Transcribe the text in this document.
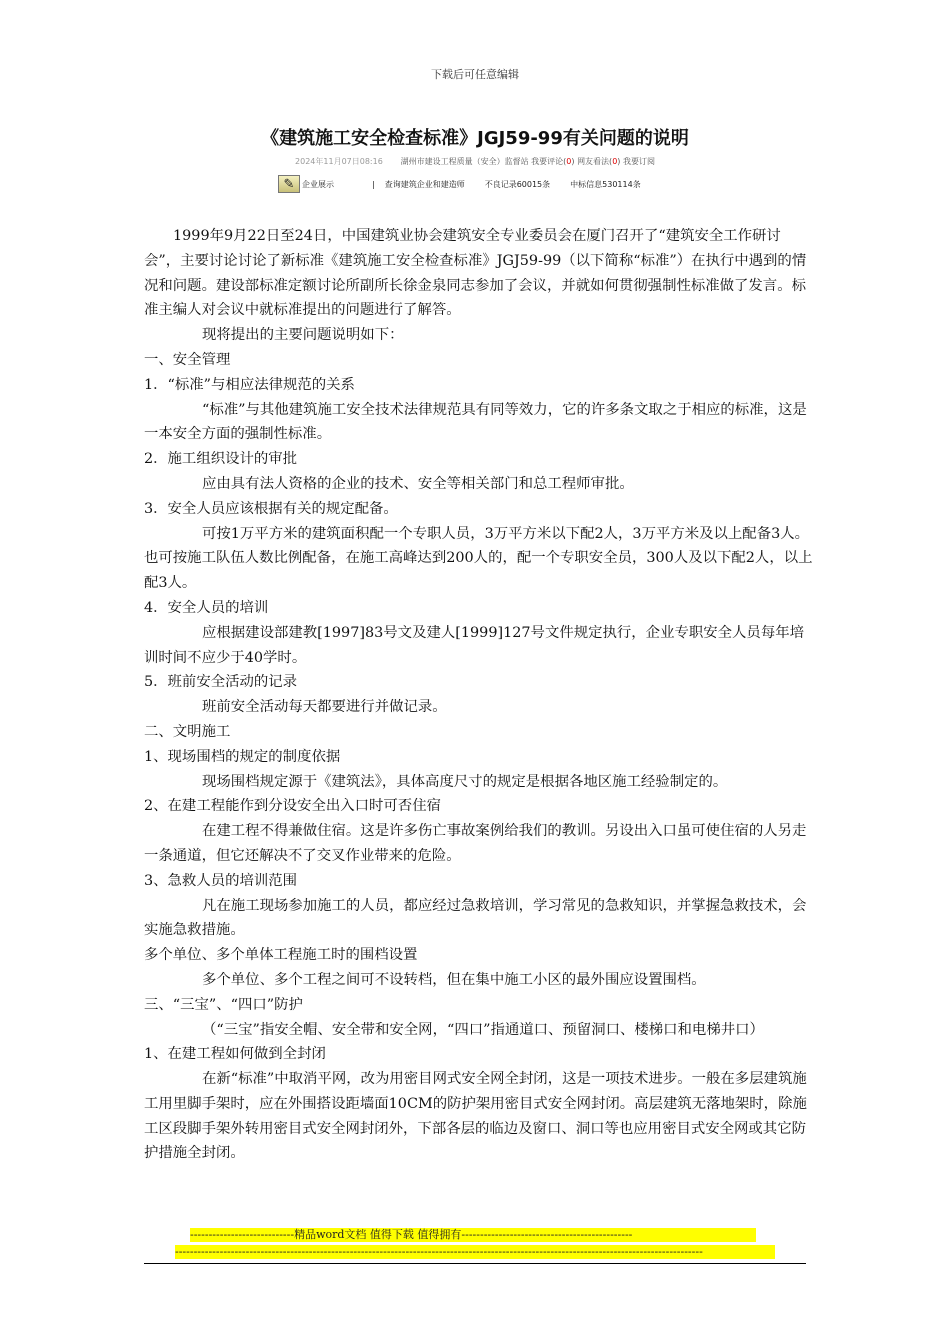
下载后可任意编辑
《建筑施工安全检查标准》JGJ59-99有关问题的说明
2024年11月07日08:16 湖州市建设工程质量（安全）监督站 我要评论(0) 网友看法(0) 我要订阅
✎ 企业展示	| 查询建筑企业和建造师	不良记录60015条	中标信息530114条

1999年9月22日至24日，中国建筑业协会建筑安全专业委员会在厦门召开了“建筑安全工作研讨会”，主要讨论讨论了新标准《建筑施工安全检查标准》JGJ59-99（以下简称“标准”）在执行中遇到的情况和问题。建设部标准定额讨论所副所长徐金泉同志参加了会议，并就如何贯彻强制性标准做了发言。标准主编人对会议中就标准提出的问题进行了解答。

现将提出的主要问题说明如下：

一、安全管理

1．“标准”与相应法律规范的关系

“标准”与其他建筑施工安全技术法律规范具有同等效力，它的许多条文取之于相应的标准，这是一本安全方面的强制性标准。

2．施工组织设计的审批

应由具有法人资格的企业的技术、安全等相关部门和总工程师审批。

3．安全人员应该根据有关的规定配备。

可按1万平方米的建筑面积配一个专职人员，3万平方米以下配2人，3万平方米及以上配备3人。也可按施工队伍人数比例配备，在施工高峰达到200人的，配一个专职安全员，300人及以下配2人，以上配3人。

4．安全人员的培训

应根据建设部建教[1997]83号文及建人[1999]127号文件规定执行，企业专职安全人员每年培训时间不应少于40学时。

5．班前安全活动的记录

班前安全活动每天都要进行并做记录。

二、文明施工

1、现场围档的规定的制度依据

现场围档规定源于《建筑法》，具体高度尺寸的规定是根据各地区施工经验制定的。

2、在建工程能作到分设安全出入口时可否住宿

在建工程不得兼做住宿。这是许多伤亡事故案例给我们的教训。另设出入口虽可使住宿的人另走一条通道，但它还解决不了交叉作业带来的危险。

3、急救人员的培训范围

凡在施工现场参加施工的人员，都应经过急救培训，学习常见的急救知识，并掌握急救技术，会实施急救措施。

多个单位、多个单体工程施工时的围档设置

多个单位、多个工程之间可不设转档，但在集中施工小区的最外围应设置围档。

三、“三宝”、“四口”防护

（“三宝”指安全帽、安全带和安全网，“四口”指通道口、预留洞口、楼梯口和电梯井口）

1、在建工程如何做到全封闭

在新“标准”中取消平网，改为用密目网式安全网全封闭，这是一项技术进步。一般在多层建筑施工用里脚手架时，应在外围搭设距墙面10CM的防护架用密目式安全网封闭。高层建筑无落地架时，除施工区段脚手架外转用密目式安全网封闭外，下部各层的临边及窗口、洞口等也应用密目式安全网或其它防护措施全封闭。

----------------------------精品word文档 值得下载 值得拥有----------------------------------------------
----------------------------------------------------------------------------------------------------------------------------------------------
